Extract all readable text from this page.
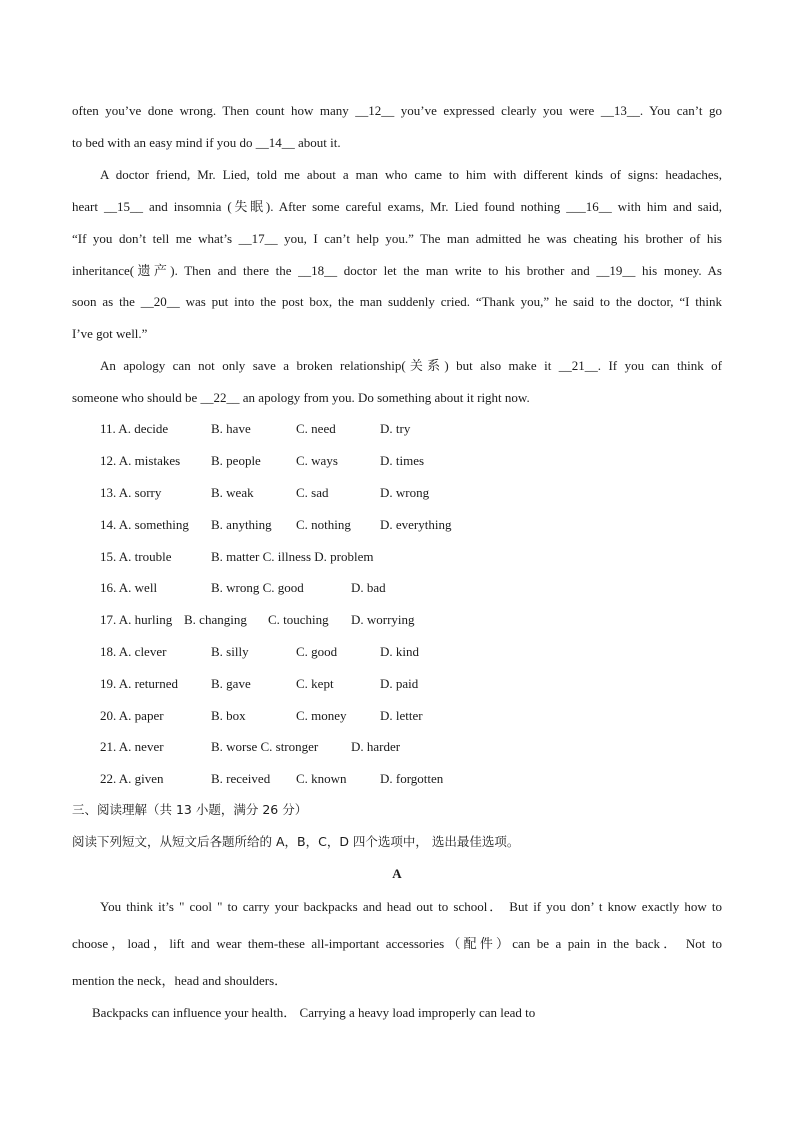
often you’ve done wrong. Then count how many __12__ you’ve expressed clearly you were __13__. You can’t go
to bed with an easy mind if you do __14__ about it.
A doctor friend, Mr. Lied, told me about a man who came to him with different kinds of signs: headaches,
heart __15__ and insomnia (失眠). After some careful exams, Mr. Lied found nothing ___16__ with him and said,
“If you don’t tell me what’s __17__ you, I can’t help you.” The man admitted he was cheating his brother of his
inheritance(遗产). Then and there the __18__ doctor let the man write to his brother and __19__ his money. As
soon as the __20__ was put into the post box, the man suddenly cried. “Thank you,” he said to the doctor, “I think
I’ve got well.”
An apology can not only save a broken relationship(关系) but also make it __21__. If you can think of
someone who should be __22__ an apology from you. Do something about it right now.
11. A. decide	B. have	C. need	D. try
12. A. mistakes B. people	C. ways	D. times
13. A. sorry	B. weak	C. sad	D. wrong
14. A. something B. anything C. nothing D. everything
15. A. trouble	B. matter C. illness D. problem
16. A. well	B. wrong C. good	D. bad
17. A. hurling B. changing C. touching D. worrying
18. A. clever	B. silly	C. good	D. kind
19. A. returned	B. gave	C. kept	D. paid
20. A. paper	B. box	C. money	D. letter
21. A. never	B. worse C. stronger	D. harder
22. A. given	B. received C. known	D. forgotten
三、阅读理解（共 13 小题，满分 26 分）
阅读下列短文，从短文后各题所给的 A，B，C，D 四个选项中， 选出最佳选项。
A
You think it’s " cool " to carry your backpacks and head out to school． But if you don’ t know exactly how to
choose，load，lift and wear them-these all-important accessories（配件）can be a pain in the back． Not to
mention the neck，head and shoulders．
Backpacks can influence your health． Carrying a heavy load improperly can lead to
